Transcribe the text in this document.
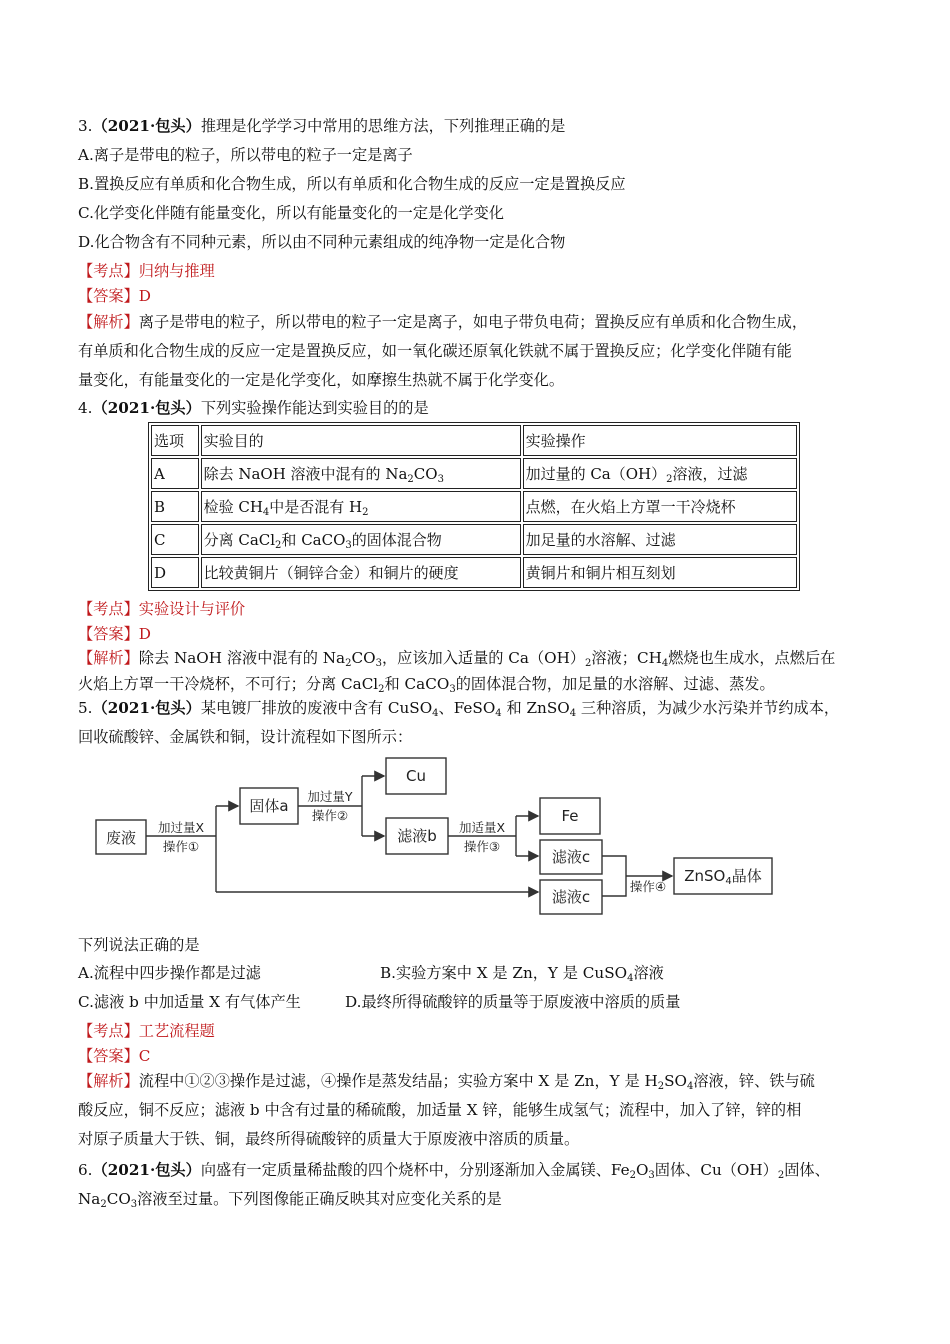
3.（2021·包头）推理是化学学习中常用的思维方法，下列推理正确的是
A.离子是带电的粒子，所以带电的粒子一定是离子
B.置换反应有单质和化合物生成，所以有单质和化合物生成的反应一定是置换反应
C.化学变化伴随有能量变化，所以有能量变化的一定是化学变化
D.化合物含有不同种元素，所以由不同种元素组成的纯净物一定是化合物
【考点】归纳与推理
【答案】D
【解析】离子是带电的粒子，所以带电的粒子一定是离子，如电子带负电荷；置换反应有单质和化合物生成，
有单质和化合物生成的反应一定是置换反应，如一氧化碳还原氧化铁就不属于置换反应；化学变化伴随有能
量变化，有能量变化的一定是化学变化，如摩擦生热就不属于化学变化。
4.（2021·包头）下列实验操作能达到实验目的的是
选项	实验目的	实验操作
A	除去 NaOH 溶液中混有的 $Na_2CO_3$	加过量的 $Ca(OH)_2$溶液，过滤
B	检验 $CH_4$中是否混有 $H_2$	点燃，在火焰上方罩一干冷烧杯
C	分离 CaCl$_2$和 CaCO$_3$的固体混合物	加足量的水溶解、过滤
D	比较黄铜片（铜锌合金）和铜片的硬度	黄铜片和铜片相互刻划
【考点】实验设计与评价
【答案】D
【解析】除去 NaOH 溶液中混有的 $Na_2CO_3$，应该加入适量的 $Ca(OH)_2$溶液；$CH_4$燃烧也生成水，点燃后在
火焰上方罩一干冷烧杯，不可行；分离 CaCl$_2$和 CaCO$_3$的固体混合物，加足量的水溶解、过滤、蒸发。
5.（2021·包头）某电镀厂排放的废液中含有 CuSO$_4$、FeSO$_4$ 和 ZnSO$_4$ 三种溶质，为减少水污染并节约成本，
回收硫酸锌、金属铁和铜，设计流程如下图所示：
废液
固体a
Cu
滤液b
Fe
滤液c
滤液c
ZnSO$_4$晶体
加过量X
操作①
加过量Y
操作②
加适量X
操作③
操作④
下列说法正确的是
A.流程中四步操作都是过滤	B.实验方案中 X 是 Zn，Y 是 CuSO$_4$溶液
C.滤液 b 中加适量 X 有气体产生	D.最终所得硫酸锌的质量等于原废液中溶质的质量
【考点】工艺流程题
【答案】C
【解析】流程中①②③操作是过滤，④操作是蒸发结晶；实验方案中 X 是 Zn，Y 是 $H_2SO_4$溶液，锌、铁与硫
酸反应，铜不反应；滤液 b 中含有过量的稀硫酸，加适量 X 锌，能够生成氢气；流程中，加入了锌，锌的相
对原子质量大于铁、铜，最终所得硫酸锌的质量大于原废液中溶质的质量。
6.（2021·包头）向盛有一定质量稀盐酸的四个烧杯中，分别逐渐加入金属镁、$Fe_2O_3$固体、$Cu(OH)_2$固体、
$Na_2CO_3$溶液至过量。下列图像能正确反映其对应变化关系的是
